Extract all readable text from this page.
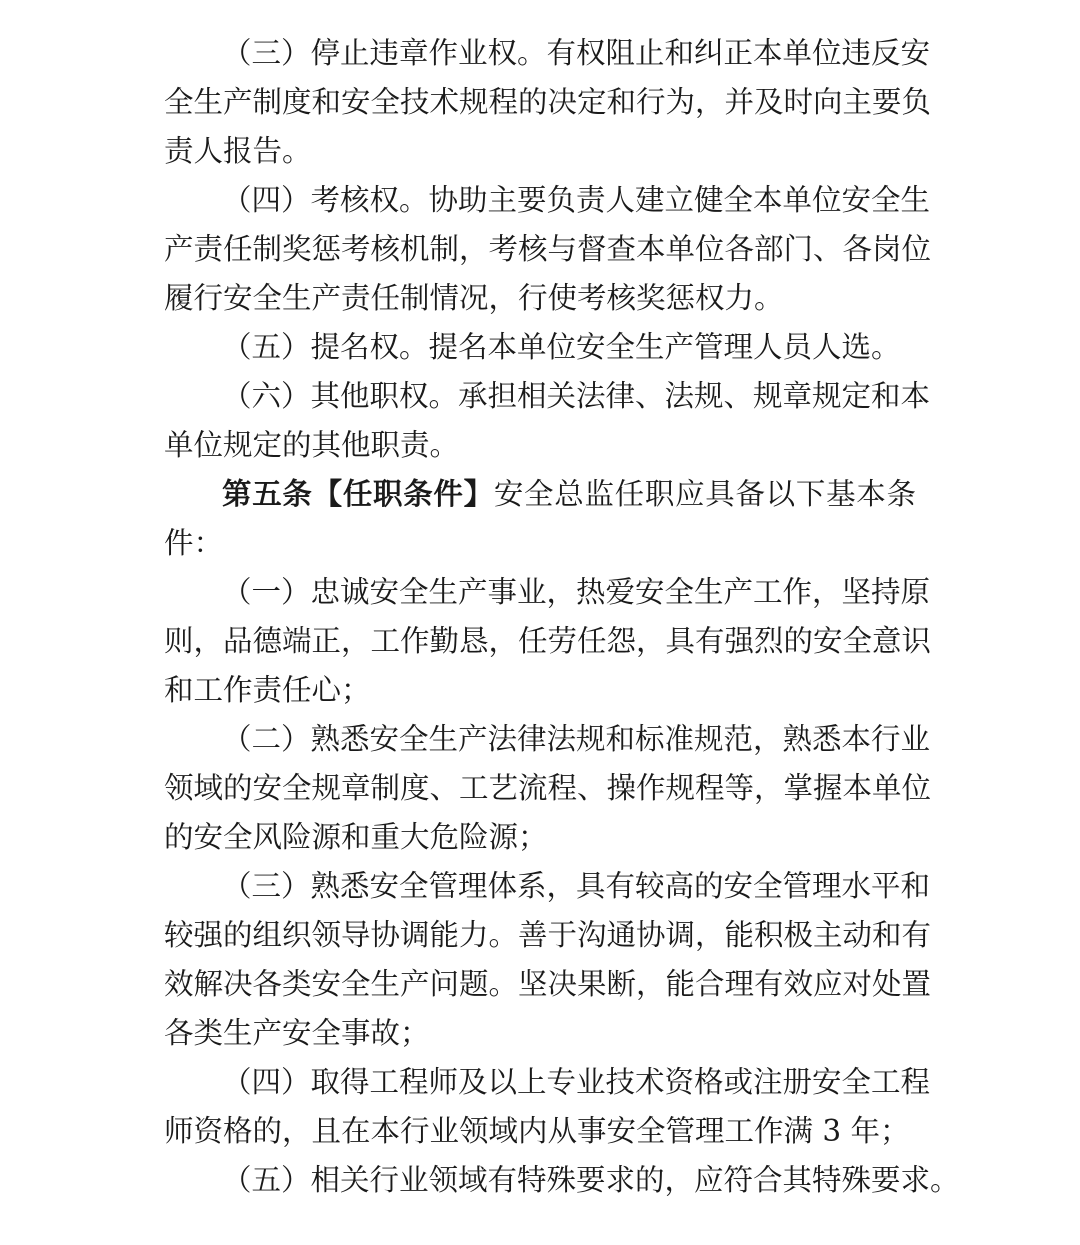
（三）停止违章作业权。有权阻止和纠正本单位违反安
全生产制度和安全技术规程的决定和行为，并及时向主要负
责人报告。
（四）考核权。协助主要负责人建立健全本单位安全生
产责任制奖惩考核机制，考核与督查本单位各部门、各岗位
履行安全生产责任制情况，行使考核奖惩权力。
（五）提名权。提名本单位安全生产管理人员人选。
（六）其他职权。承担相关法律、法规、规章规定和本
单位规定的其他职责。
第五条【任职条件】安全总监任职应具备以下基本条
件：
（一）忠诚安全生产事业，热爱安全生产工作，坚持原
则，品德端正，工作勤恳，任劳任怨，具有强烈的安全意识
和工作责任心；
（二）熟悉安全生产法律法规和标准规范，熟悉本行业
领域的安全规章制度、工艺流程、操作规程等，掌握本单位
的安全风险源和重大危险源；
（三）熟悉安全管理体系，具有较高的安全管理水平和
较强的组织领导协调能力。善于沟通协调，能积极主动和有
效解决各类安全生产问题。坚决果断，能合理有效应对处置
各类生产安全事故；
（四）取得工程师及以上专业技术资格或注册安全工程
师资格的，且在本行业领域内从事安全管理工作满 3 年；
（五）相关行业领域有特殊要求的，应符合其特殊要求。
